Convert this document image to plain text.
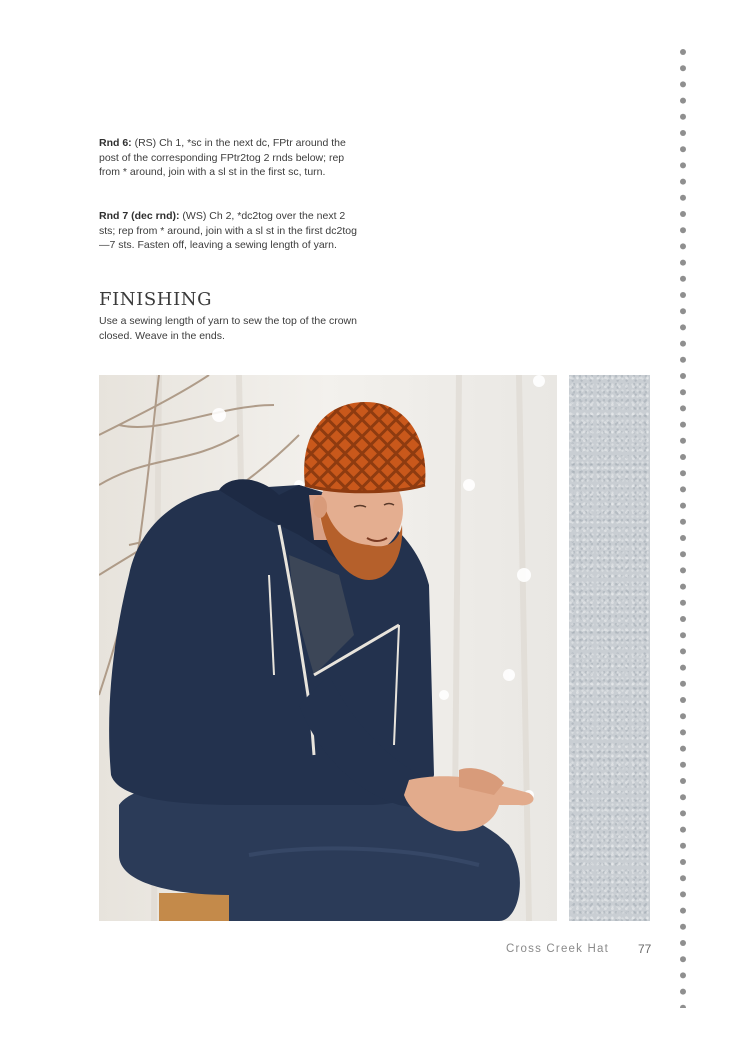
Rnd 6: (RS) Ch 1, *sc in the next dc, FPtr around the post of the corresponding FPtr2tog 2 rnds below; rep from * around, join with a sl st in the first sc, turn.

Rnd 7 (dec rnd): (WS) Ch 2, *dc2tog over the next 2 sts; rep from * around, join with a sl st in the first dc2tog —7 sts. Fasten off, leaving a sewing length of yarn.

FINISHING

Use a sewing length of yarn to sew the top of the crown closed. Weave in the ends.

Cross Creek Hat 77
